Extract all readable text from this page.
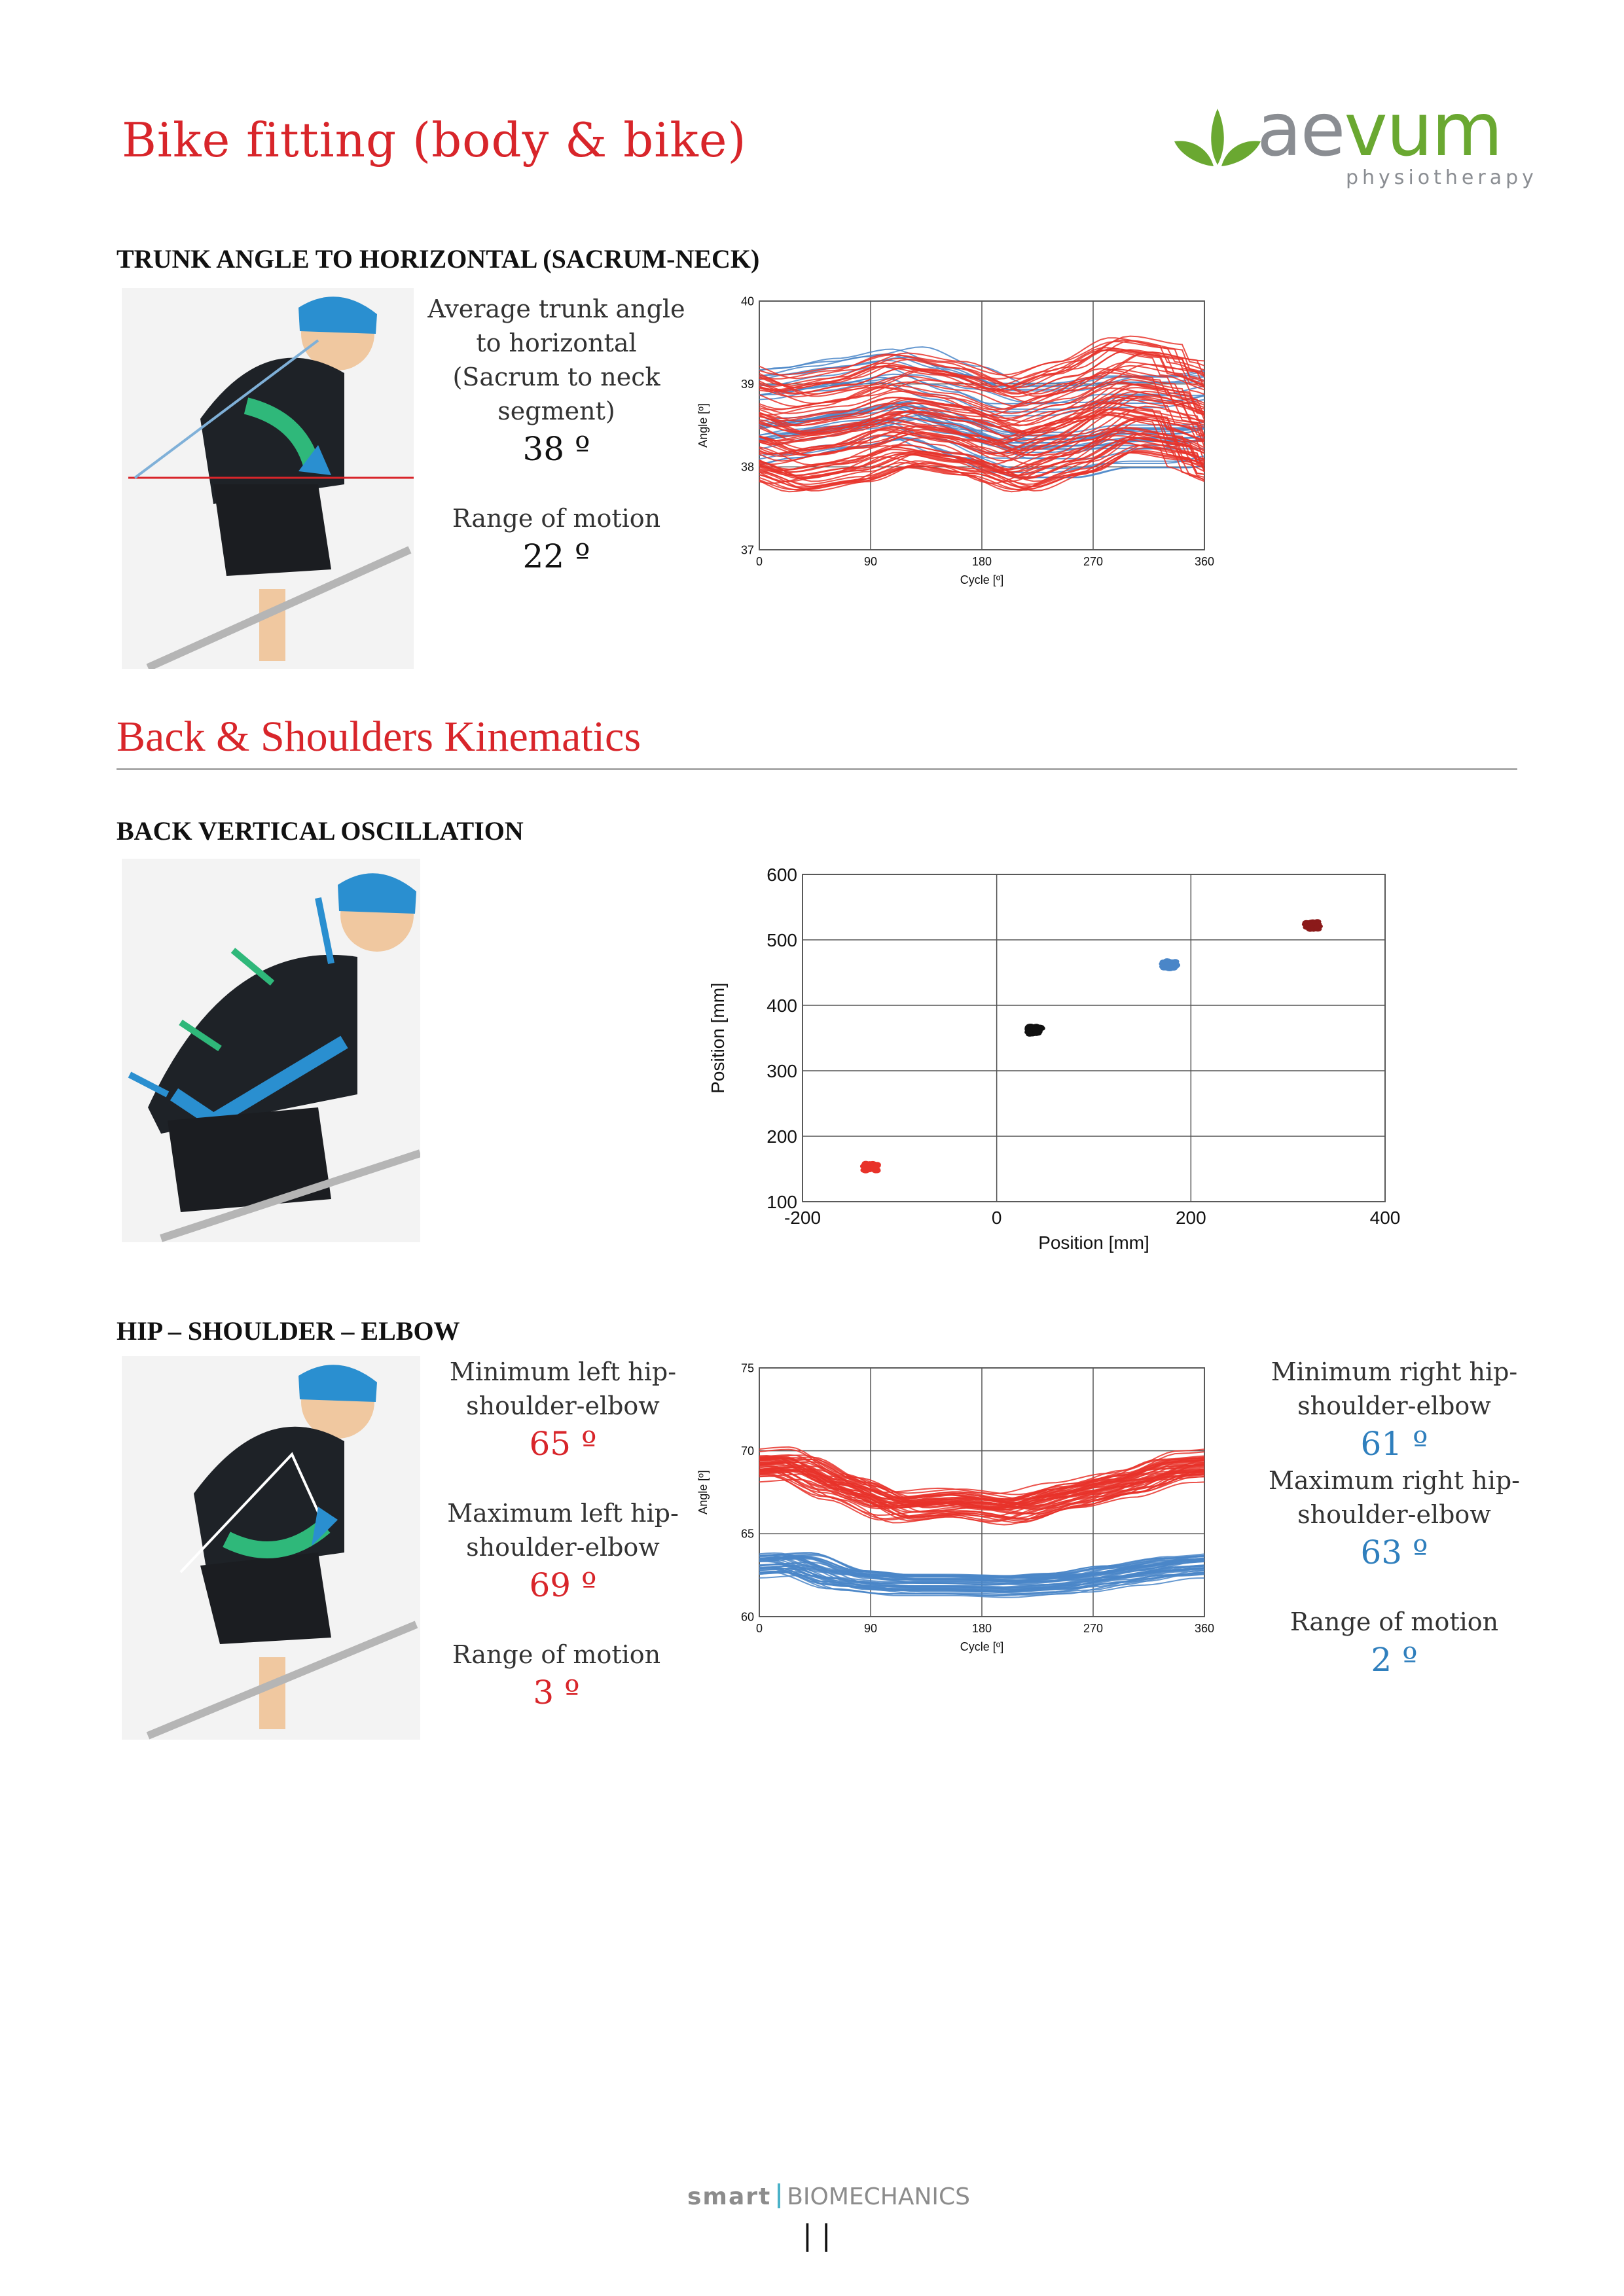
Bike fitting (body & bike)	aevum
physiotherapy
TRUNK ANGLE TO HORIZONTAL (SACRUM-NECK)
Average trunk angle to horizontal (Sacrum to neck segment)
38 º
Range of motion
22 º	0	90	180	270	360
37
38
39
40
Cycle [º]
Angle [º]
Back & Shoulders Kinematics
BACK VERTICAL OSCILLATION
-200	0	200	400
100
200
300
400
500
600
Position [mm]
Position [mm]
HIP – SHOULDER – ELBOW
Minimum left hip-shoulder-elbow
65 º
Maximum left hip-shoulder-elbow
69 º
Range of motion
3 º
0	90	180	270	360
60
65
70
75
Cycle [º]
Angle [º]
Minimum right hip-shoulder-elbow
61 º
Maximum right hip-shoulder-elbow
63 º
Range of motion
2 º
smart BIOMECHANICS
| |
